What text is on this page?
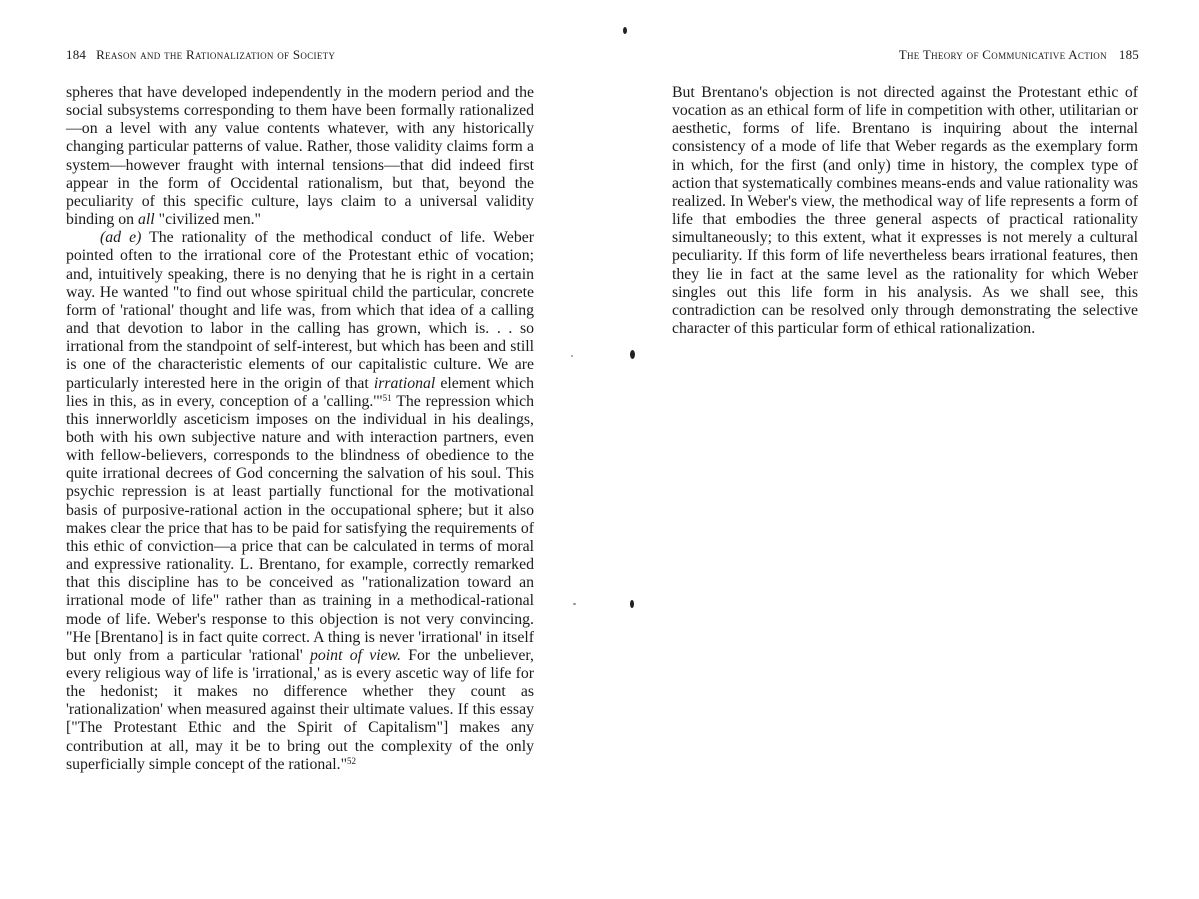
184 Reason and the Rationalization of Society

spheres that have developed independently in the modern period and the social subsystems corresponding to them have been formally rationalized—on a level with any value contents whatever, with any historically changing particular patterns of value. Rather, those validity claims form a system—however fraught with internal tensions—that did indeed first appear in the form of Occidental rationalism, but that, beyond the peculiarity of this specific culture, lays claim to a universal validity binding on all "civilized men."

(ad e) The rationality of the methodical conduct of life. Weber pointed often to the irrational core of the Protestant ethic of vocation; and, intuitively speaking, there is no denying that he is right in a certain way. He wanted "to find out whose spiritual child the particular, concrete form of 'rational' thought and life was, from which that idea of a calling and that devotion to labor in the calling has grown, which is. . . so irrational from the standpoint of self-interest, but which has been and still is one of the characteristic elements of our capitalistic culture. We are particularly interested here in the origin of that irrational element which lies in this, as in every, conception of a 'calling.'"$^{51}$ The repression which this innerworldly asceticism imposes on the individual in his dealings, both with his own subjective nature and with interaction partners, even with fellow-believers, corresponds to the blindness of obedience to the quite irrational decrees of God concerning the salvation of his soul. This psychic repression is at least partially functional for the motivational basis of purposive-rational action in the occupational sphere; but it also makes clear the price that has to be paid for satisfying the requirements of this ethic of conviction—a price that can be calculated in terms of moral and expressive rationality. L. Brentano, for example, correctly remarked that this discipline has to be conceived as "rationalization toward an irrational mode of life" rather than as training in a methodical-rational mode of life. Weber's response to this objection is not very convincing. "He [Brentano] is in fact quite correct. A thing is never 'irrational' in itself but only from a particular 'rational' point of view. For the unbeliever, every religious way of life is 'irrational,' as is every ascetic way of life for the hedonist; it makes no difference whether they count as 'rationalization' when measured against their ultimate values. If this essay ["The Protestant Ethic and the Spirit of Capitalism"] makes any contribution at all, may it be to bring out the complexity of the only superficially simple concept of the rational."$^{52}$

The Theory of Communicative Action 185

But Brentano's objection is not directed against the Protestant ethic of vocation as an ethical form of life in competition with other, utilitarian or aesthetic, forms of life. Brentano is inquiring about the internal consistency of a mode of life that Weber regards as the exemplary form in which, for the first (and only) time in history, the complex type of action that systematically combines means-ends and value rationality was realized. In Weber's view, the methodical way of life represents a form of life that embodies the three general aspects of practical rationality simultaneously; to this extent, what it expresses is not merely a cultural peculiarity. If this form of life nevertheless bears irrational features, then they lie in fact at the same level as the rationality for which Weber singles out this life form in his analysis. As we shall see, this contradiction can be resolved only through demonstrating the selective character of this particular form of ethical rationalization.
